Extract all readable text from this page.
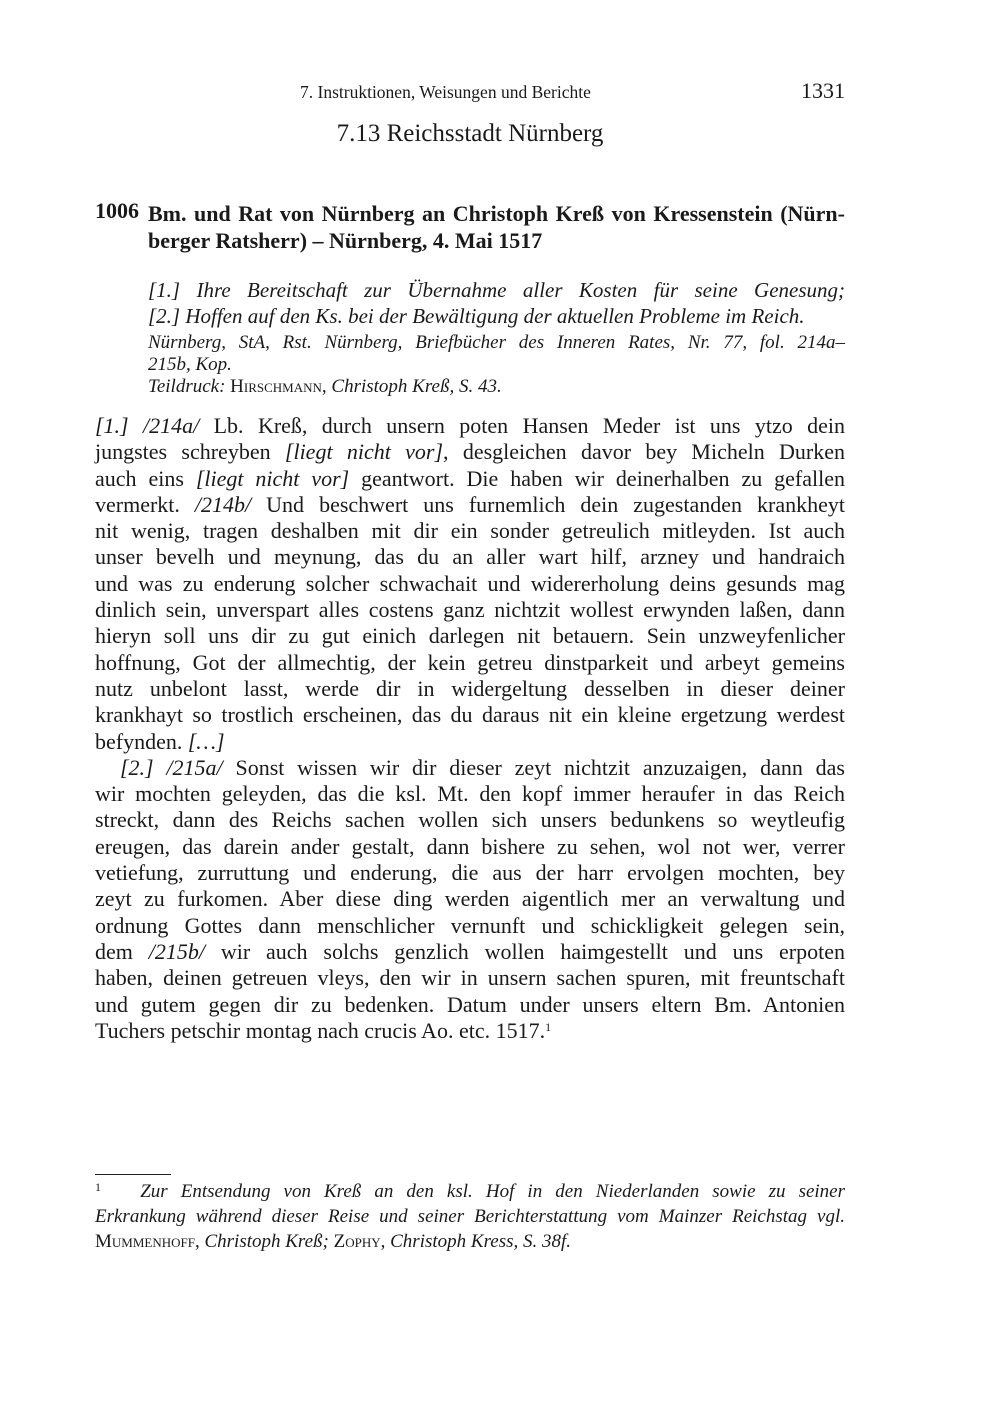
7. Instruktionen, Weisungen und Berichte	1331
7.13 Reichsstadt Nürnberg
1006 Bm. und Rat von Nürnberg an Christoph Kreß von Kressenstein (Nürn-
berger Ratsherr) – Nürnberg, 4. Mai 1517
[1.] Ihre Bereitschaft zur Übernahme aller Kosten für seine Genesung;
[2.] Hoffen auf den Ks. bei der Bewältigung der aktuellen Probleme im Reich.
Nürnberg, StA, Rst. Nürnberg, Briefbücher des Inneren Rates, Nr. 77, fol. 214a–
215b, Kop.
Teildruck: Hirschmann, Christoph Kreß, S. 43.
[1.] /214a/ Lb. Kreß, durch unsern poten Hansen Meder ist uns ytzo dein
jungstes schreyben [liegt nicht vor], desgleichen davor bey Micheln Durken
auch eins [liegt nicht vor] geantwort. Die haben wir deinerhalben zu gefallen
vermerkt. /214b/ Und beschwert uns furnemlich dein zugestanden krankheyt
nit wenig, tragen deshalben mit dir ein sonder getreulich mitleyden. Ist auch
unser bevelh und meynung, das du an aller wart hilf, arzney und handraich
und was zu enderung solcher schwachait und widererholung deins gesunds mag
dinlich sein, unverspart alles costens ganz nichtzit wollest erwynden laßen, dann
hieryn soll uns dir zu gut einich darlegen nit betauern. Sein unzweyfenlicher
hoffnung, Got der allmechtig, der kein getreu dinstparkeit und arbeyt gemeins
nutz unbelont lasst, werde dir in widergeltung desselben in dieser deiner
krankhayt so trostlich erscheinen, das du daraus nit ein kleine ergetzung werdest
befynden. […]
[2.] /215a/ Sonst wissen wir dir dieser zeyt nichtzit anzuzaigen, dann das
wir mochten geleyden, das die ksl. Mt. den kopf immer heraufer in das Reich
streckt, dann des Reichs sachen wollen sich unsers bedunkens so weytleufig
ereugen, das darein ander gestalt, dann bishere zu sehen, wol not wer, verrer
vetiefung, zurruttung und enderung, die aus der harr ervolgen mochten, bey
zeyt zu furkomen. Aber diese ding werden aigentlich mer an verwaltung und
ordnung Gottes dann menschlicher vernunft und schickligkeit gelegen sein,
dem /215b/ wir auch solchs genzlich wollen haimgestellt und uns erpoten
haben, deinen getreuen vleys, den wir in unsern sachen spuren, mit freuntschaft
und gutem gegen dir zu bedenken. Datum under unsers eltern Bm. Antonien
Tuchers petschir montag nach crucis Ao. etc. 1517.$^1$
$^1$ Zur Entsendung von Kreß an den ksl. Hof in den Niederlanden sowie zu seiner
Erkrankung während dieser Reise und seiner Berichterstattung vom Mainzer Reichstag vgl.
Mummenhoff, Christoph Kreß; Zophy, Christoph Kress, S. 38f.
